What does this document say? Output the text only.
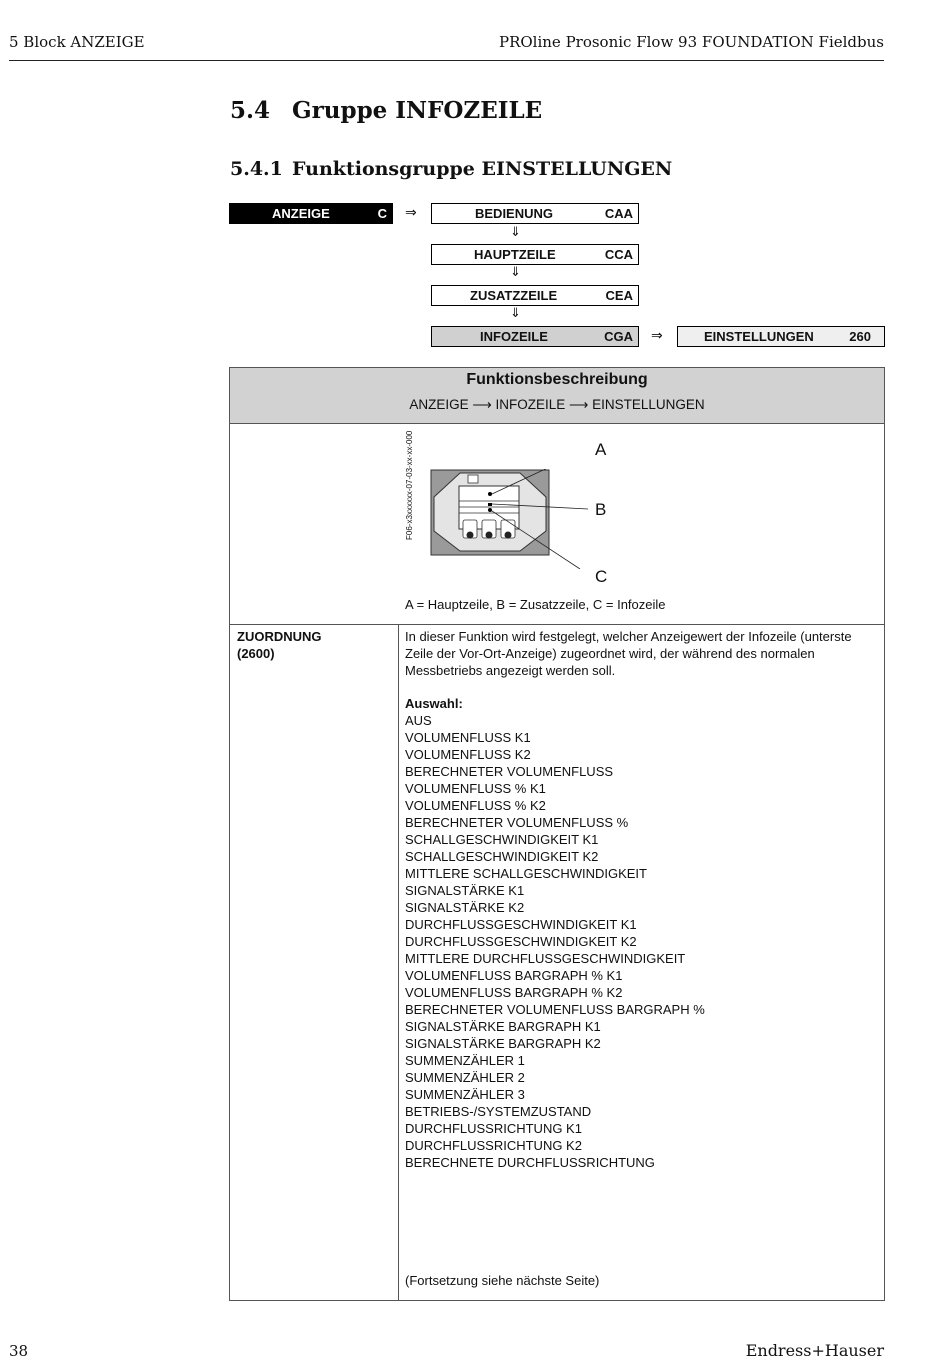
5 Block ANZEIGE	PROline Prosonic Flow 93 FOUNDATION Fieldbus
5.4 Gruppe INFOZEILE
5.4.1 Funktionsgruppe EINSTELLUNGEN
ANZEIGE	C ⇒	BEDIENUNG	CAA
⇓
HAUPTZEILE	CCA
⇓
ZUSATZZEILE	CEA
⇓
INFOZEILE	CGA ⇒	EINSTELLUNGEN	260
Funktionsbeschreibung
ANZEIGE ⟶ INFOZEILE ⟶ EINSTELLUNGEN
F06-x3xxxxxx-07-03-xx-xx-000	A
B
C
A = Hauptzeile, B = Zusatzzeile, C = Infozeile
ZUORDNUNG
(2600)
In dieser Funktion wird festgelegt, welcher Anzeigewert der Infozeile (unterste Zeile der Vor-Ort-Anzeige) zugeordnet wird, der während des normalen Messbetriebs angezeigt werden soll.
Auswahl:
AUS
VOLUMENFLUSS K1
VOLUMENFLUSS K2
BERECHNETER VOLUMENFLUSS
VOLUMENFLUSS % K1
VOLUMENFLUSS % K2
BERECHNETER VOLUMENFLUSS %
SCHALLGESCHWINDIGKEIT K1
SCHALLGESCHWINDIGKEIT K2
MITTLERE SCHALLGESCHWINDIGKEIT
SIGNALSTÄRKE K1
SIGNALSTÄRKE K2
DURCHFLUSSGESCHWINDIGKEIT K1
DURCHFLUSSGESCHWINDIGKEIT K2
MITTLERE DURCHFLUSSGESCHWINDIGKEIT
VOLUMENFLUSS BARGRAPH % K1
VOLUMENFLUSS BARGRAPH % K2
BERECHNETER VOLUMENFLUSS BARGRAPH %
SIGNALSTÄRKE BARGRAPH K1
SIGNALSTÄRKE BARGRAPH K2
SUMMENZÄHLER 1
SUMMENZÄHLER 2
SUMMENZÄHLER 3
BETRIEBS-/SYSTEMZUSTAND
DURCHFLUSSRICHTUNG K1
DURCHFLUSSRICHTUNG K2
BERECHNETE DURCHFLUSSRICHTUNG
(Fortsetzung siehe nächste Seite)
38	Endress+Hauser
